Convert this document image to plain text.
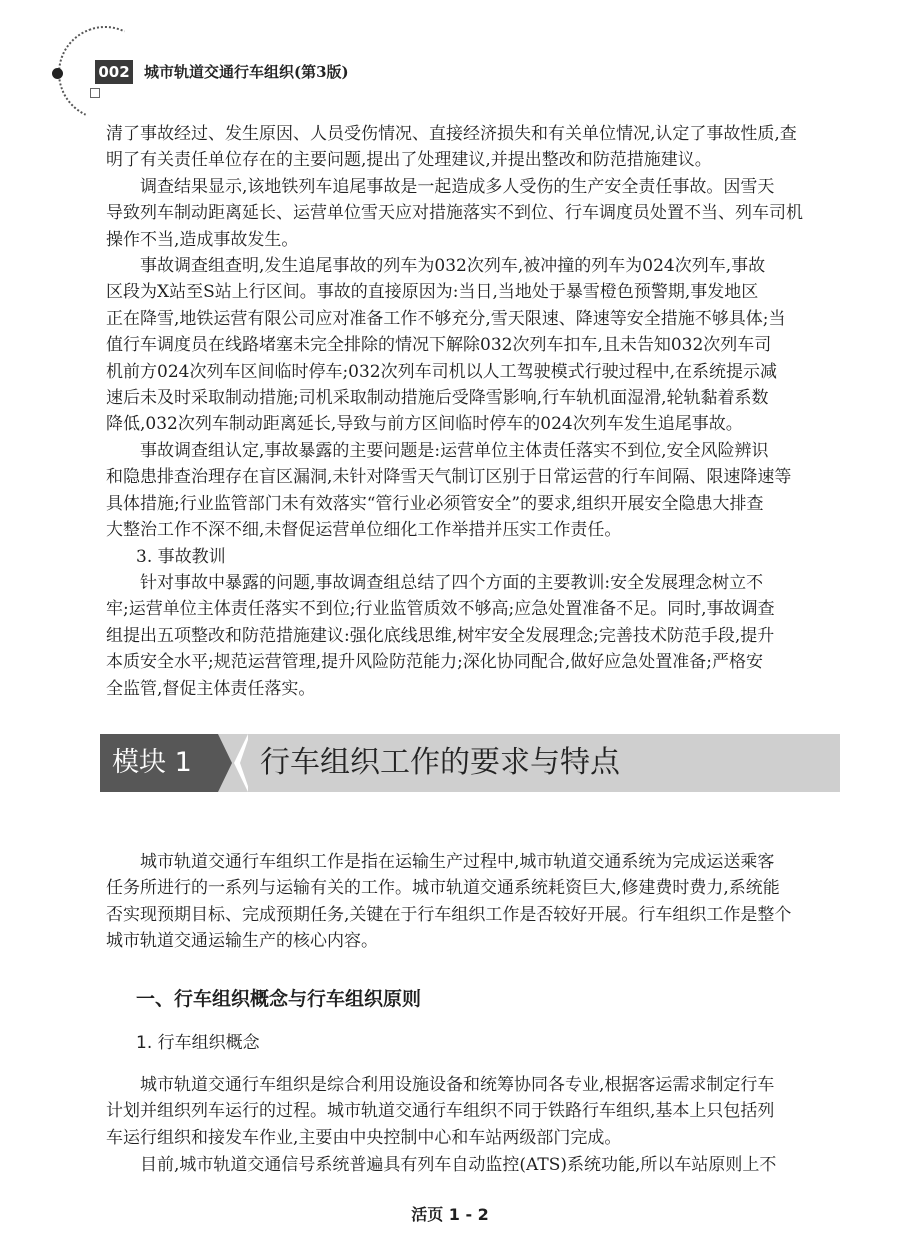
002 城市轨道交通行车组织(第3版)
清了事故经过、发生原因、人员受伤情况、直接经济损失和有关单位情况,认定了事故性质,查
明了有关责任单位存在的主要问题,提出了处理建议,并提出整改和防范措施建议。
调查结果显示,该地铁列车追尾事故是一起造成多人受伤的生产安全责任事故。因雪天
导致列车制动距离延长、运营单位雪天应对措施落实不到位、行车调度员处置不当、列车司机
操作不当,造成事故发生。
事故调查组查明,发生追尾事故的列车为032次列车,被冲撞的列车为024次列车,事故
区段为X站至S站上行区间。事故的直接原因为:当日,当地处于暴雪橙色预警期,事发地区
正在降雪,地铁运营有限公司应对准备工作不够充分,雪天限速、降速等安全措施不够具体;当
值行车调度员在线路堵塞未完全排除的情况下解除032次列车扣车,且未告知032次列车司
机前方024次列车区间临时停车;032次列车司机以人工驾驶模式行驶过程中,在系统提示减
速后未及时采取制动措施;司机采取制动措施后受降雪影响,行车轨机面湿滑,轮轨黏着系数
降低,032次列车制动距离延长,导致与前方区间临时停车的024次列车发生追尾事故。
事故调查组认定,事故暴露的主要问题是:运营单位主体责任落实不到位,安全风险辨识
和隐患排查治理存在盲区漏洞,未针对降雪天气制订区别于日常运营的行车间隔、限速降速等
具体措施;行业监管部门未有效落实“管行业必须管安全”的要求,组织开展安全隐患大排查
大整治工作不深不细,未督促运营单位细化工作举措并压实工作责任。
3. 事故教训
针对事故中暴露的问题,事故调查组总结了四个方面的主要教训:安全发展理念树立不
牢;运营单位主体责任落实不到位;行业监管质效不够高;应急处置准备不足。同时,事故调查
组提出五项整改和防范措施建议:强化底线思维,树牢安全发展理念;完善技术防范手段,提升
本质安全水平;规范运营管理,提升风险防范能力;深化协同配合,做好应急处置准备;严格安
全监管,督促主体责任落实。
模块 1 行车组织工作的要求与特点
城市轨道交通行车组织工作是指在运输生产过程中,城市轨道交通系统为完成运送乘客
任务所进行的一系列与运输有关的工作。城市轨道交通系统耗资巨大,修建费时费力,系统能
否实现预期目标、完成预期任务,关键在于行车组织工作是否较好开展。行车组织工作是整个
城市轨道交通运输生产的核心内容。
一、行车组织概念与行车组织原则
1. 行车组织概念
城市轨道交通行车组织是综合利用设施设备和统筹协同各专业,根据客运需求制定行车
计划并组织列车运行的过程。城市轨道交通行车组织不同于铁路行车组织,基本上只包括列
车运行组织和接发车作业,主要由中央控制中心和车站两级部门完成。
目前,城市轨道交通信号系统普遍具有列车自动监控(ATS)系统功能,所以车站原则上不
活页 1 - 2
